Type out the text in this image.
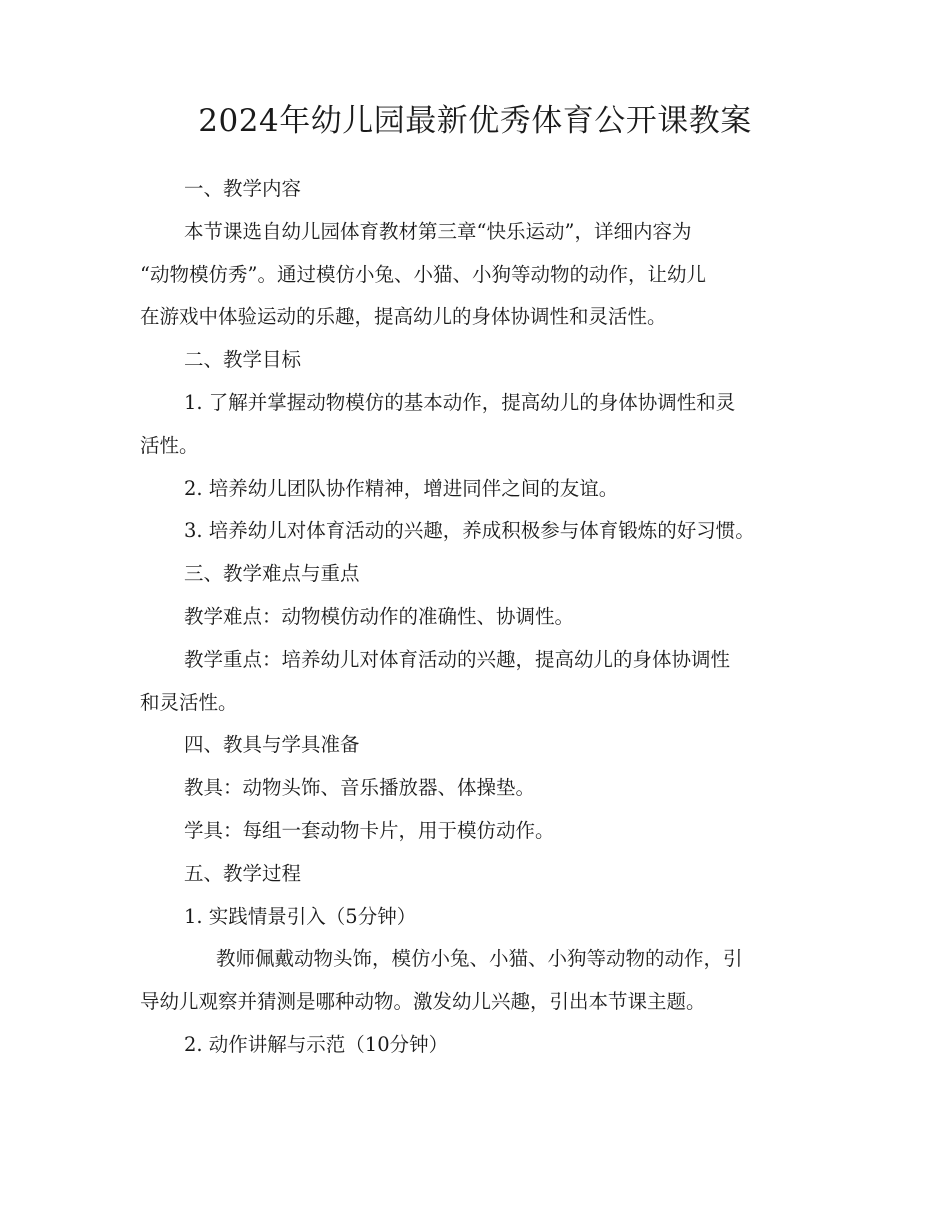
2024年幼儿园最新优秀体育公开课教案

一、教学内容

本节课选自幼儿园体育教材第三章“快乐运动”，详细内容为

“动物模仿秀”。通过模仿小兔、小猫、小狗等动物的动作，让幼儿

在游戏中体验运动的乐趣，提高幼儿的身体协调性和灵活性。

二、教学目标

1. 了解并掌握动物模仿的基本动作，提高幼儿的身体协调性和灵

活性。

2. 培养幼儿团队协作精神，增进同伴之间的友谊。

3. 培养幼儿对体育活动的兴趣，养成积极参与体育锻炼的好习惯。

三、教学难点与重点

教学难点：动物模仿动作的准确性、协调性。

教学重点：培养幼儿对体育活动的兴趣，提高幼儿的身体协调性

和灵活性。

四、教具与学具准备

教具：动物头饰、音乐播放器、体操垫。

学具：每组一套动物卡片，用于模仿动作。

五、教学过程

1. 实践情景引入（5分钟）

教师佩戴动物头饰，模仿小兔、小猫、小狗等动物的动作，引

导幼儿观察并猜测是哪种动物。激发幼儿兴趣，引出本节课主题。

2. 动作讲解与示范（10分钟）
